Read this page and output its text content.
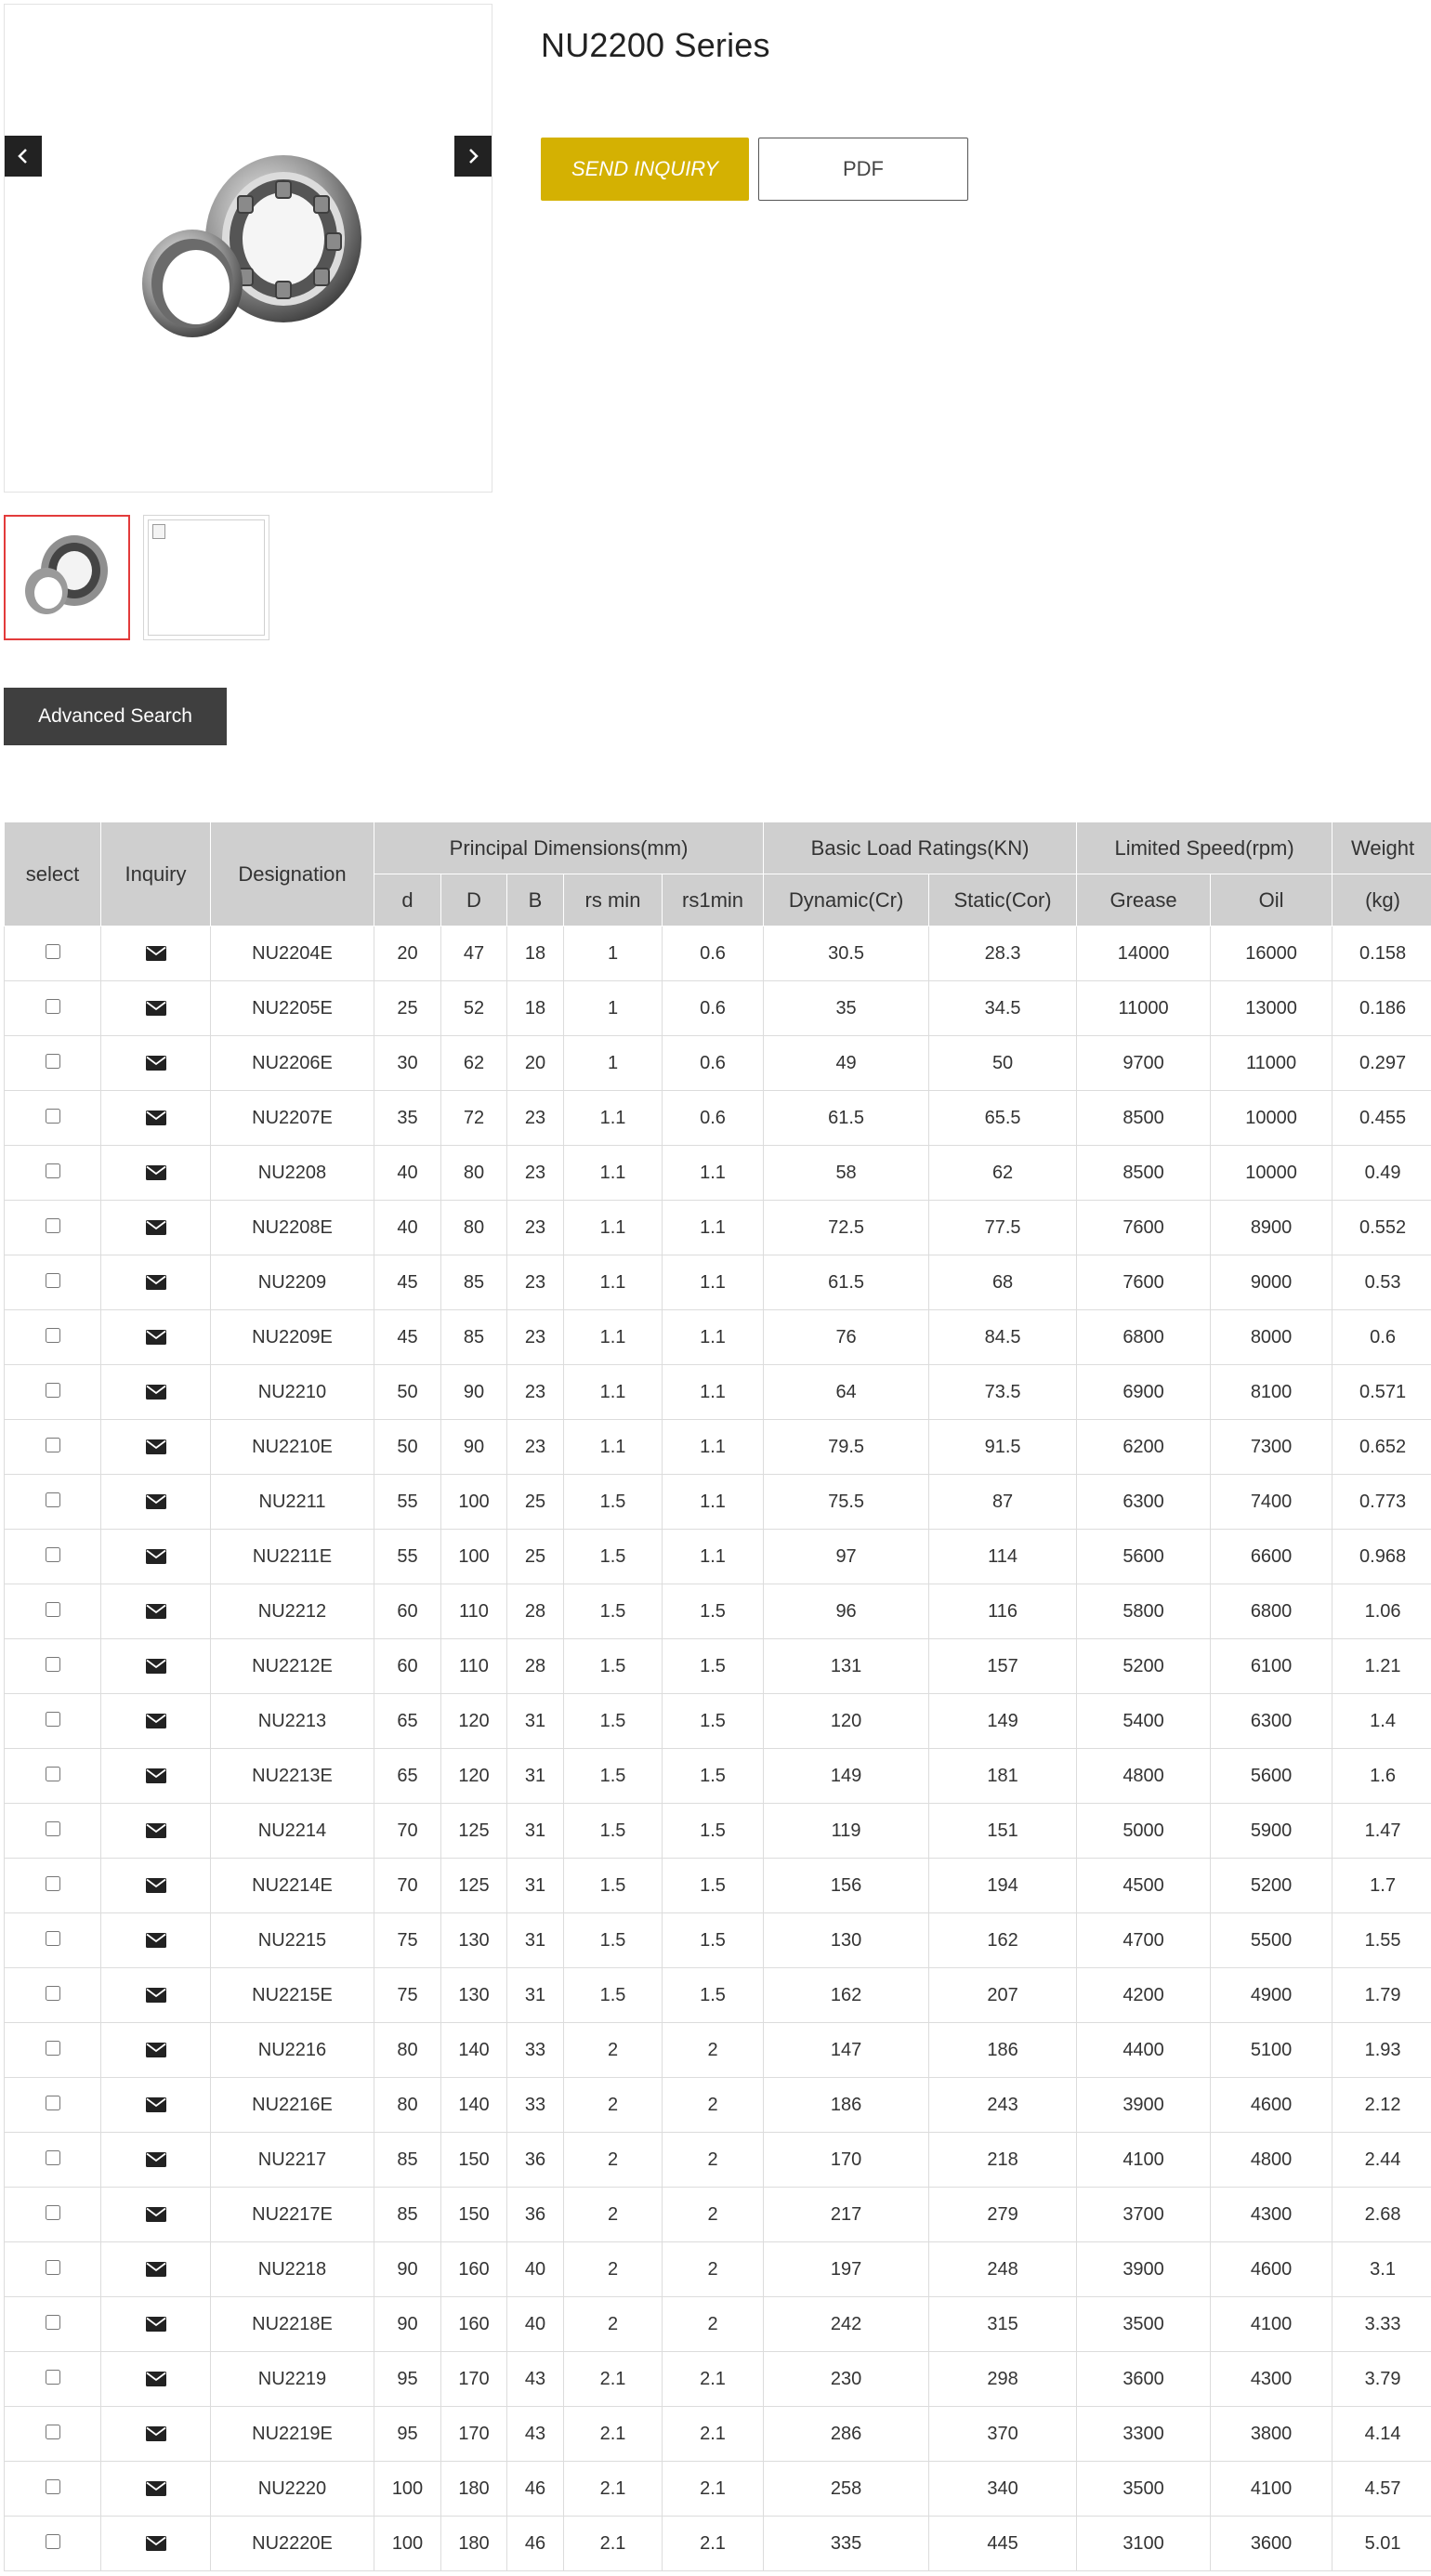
NU2200 Series
SEND INQUIRY	PDF
Advanced Search
select	Inquiry	Designation	Principal Dimensions(mm)					Basic Load Ratings(KN)		Limited Speed(rpm)		Weight
			d	D	B	rs min	rs1min	Dynamic(Cr)	Static(Cor)	Grease	Oil	(kg)
		NU2204E	20	47	18	1	0.6	30.5	28.3	14000	16000	0.158
		NU2205E	25	52	18	1	0.6	35	34.5	11000	13000	0.186
		NU2206E	30	62	20	1	0.6	49	50	9700	11000	0.297
		NU2207E	35	72	23	1.1	0.6	61.5	65.5	8500	10000	0.455
		NU2208	40	80	23	1.1	1.1	58	62	8500	10000	0.49
		NU2208E	40	80	23	1.1	1.1	72.5	77.5	7600	8900	0.552
		NU2209	45	85	23	1.1	1.1	61.5	68	7600	9000	0.53
		NU2209E	45	85	23	1.1	1.1	76	84.5	6800	8000	0.6
		NU2210	50	90	23	1.1	1.1	64	73.5	6900	8100	0.571
		NU2210E	50	90	23	1.1	1.1	79.5	91.5	6200	7300	0.652
		NU2211	55	100	25	1.5	1.1	75.5	87	6300	7400	0.773
		NU2211E	55	100	25	1.5	1.1	97	114	5600	6600	0.968
		NU2212	60	110	28	1.5	1.5	96	116	5800	6800	1.06
		NU2212E	60	110	28	1.5	1.5	131	157	5200	6100	1.21
		NU2213	65	120	31	1.5	1.5	120	149	5400	6300	1.4
		NU2213E	65	120	31	1.5	1.5	149	181	4800	5600	1.6
		NU2214	70	125	31	1.5	1.5	119	151	5000	5900	1.47
		NU2214E	70	125	31	1.5	1.5	156	194	4500	5200	1.7
		NU2215	75	130	31	1.5	1.5	130	162	4700	5500	1.55
		NU2215E	75	130	31	1.5	1.5	162	207	4200	4900	1.79
		NU2216	80	140	33	2	2	147	186	4400	5100	1.93
		NU2216E	80	140	33	2	2	186	243	3900	4600	2.12
		NU2217	85	150	36	2	2	170	218	4100	4800	2.44
		NU2217E	85	150	36	2	2	217	279	3700	4300	2.68
		NU2218	90	160	40	2	2	197	248	3900	4600	3.1
		NU2218E	90	160	40	2	2	242	315	3500	4100	3.33
		NU2219	95	170	43	2.1	2.1	230	298	3600	4300	3.79
		NU2219E	95	170	43	2.1	2.1	286	370	3300	3800	4.14
		NU2220	100	180	46	2.1	2.1	258	340	3500	4100	4.57
		NU2220E	100	180	46	2.1	2.1	335	445	3100	3600	5.01
